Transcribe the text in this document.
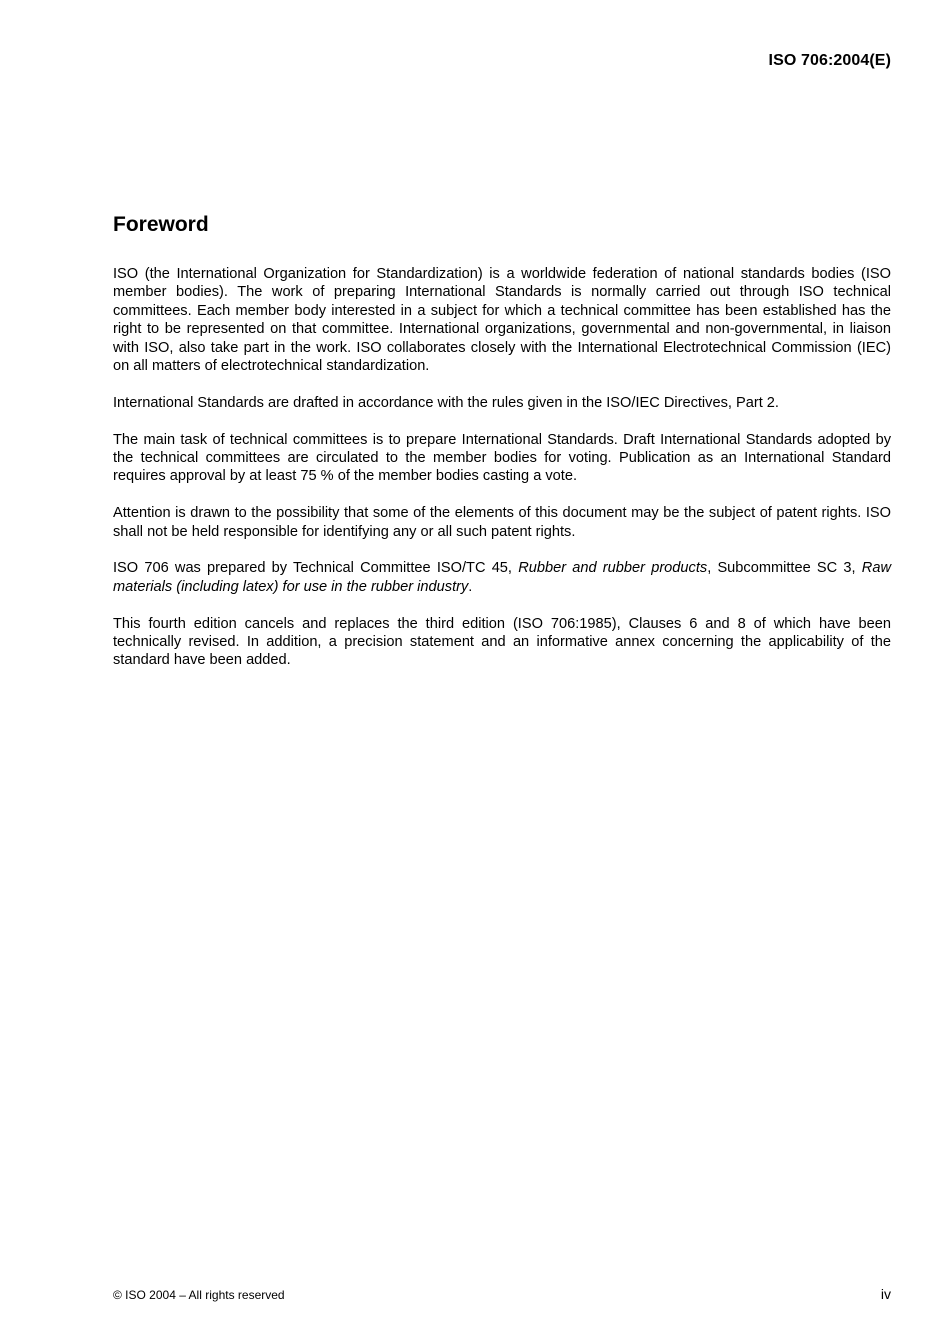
ISO 706:2004(E)
Foreword

ISO (the International Organization for Standardization) is a worldwide federation of national standards bodies (ISO member bodies). The work of preparing International Standards is normally carried out through ISO technical committees. Each member body interested in a subject for which a technical committee has been established has the right to be represented on that committee. International organizations, governmental and non-governmental, in liaison with ISO, also take part in the work. ISO collaborates closely with the International Electrotechnical Commission (IEC) on all matters of electrotechnical standardization.

International Standards are drafted in accordance with the rules given in the ISO/IEC Directives, Part 2.

The main task of technical committees is to prepare International Standards. Draft International Standards adopted by the technical committees are circulated to the member bodies for voting. Publication as an International Standard requires approval by at least 75 % of the member bodies casting a vote.

Attention is drawn to the possibility that some of the elements of this document may be the subject of patent rights. ISO shall not be held responsible for identifying any or all such patent rights.

ISO 706 was prepared by Technical Committee ISO/TC 45, Rubber and rubber products, Subcommittee SC 3, Raw materials (including latex) for use in the rubber industry.

This fourth edition cancels and replaces the third edition (ISO 706:1985), Clauses 6 and 8 of which have been technically revised. In addition, a precision statement and an informative annex concerning the applicability of the standard have been added.

© ISO 2004 – All rights reserved	iv
